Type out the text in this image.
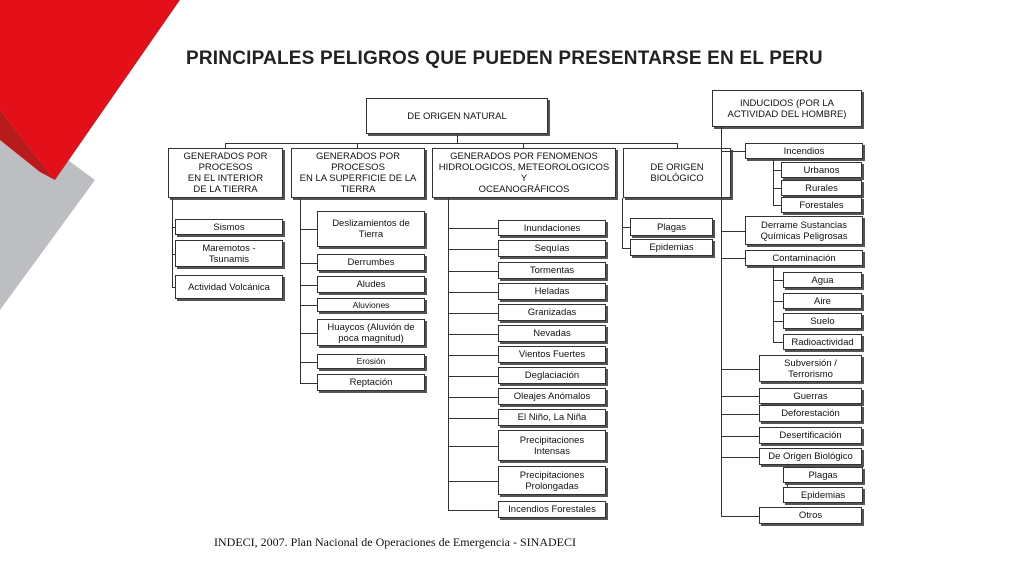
PRINCIPALES PELIGROS QUE PUEDEN PRESENTARSE EN EL PERU
DE ORIGEN NATURAL
GENERADOS POR
PROCESOS
EN EL INTERIOR
DE LA TIERRA
Sismos
Maremotos -
Tsunamis
Actividad Volcánica
GENERADOS POR
PROCESOS
EN LA SUPERFICIE DE LA
TIERRA
Deslizamientos de
Tierra
Derrumbes
Aludes
Aluviones
Huaycos (Aluvión de
poca magnitud)
Erosión
Reptación
GENERADOS POR FENOMENOS
HIDROLOGICOS, METEOROLOGICOS Y
OCEANOGRÁFICOS
Inundaciones
Sequías
Tormentas
Heladas
Granizadas
Nevadas
Vientos Fuertes
Deglaciación
Oleajes Anómalos
El Niño, La Niña
Precipitaciones
Intensas
Precipitaciones
Prolongadas
Incendios Forestales
DE ORIGEN
BIOLÓGICO
Plagas
Epidemias
INDUCIDOS (POR LA
ACTIVIDAD DEL HOMBRE)
Incendios
Urbanos
Rurales
Forestales
Derrame Sustancias
Químicas Peligrosas
Contaminación
Agua
Aire
Suelo
Radioactividad
Subversión /
Terrorismo
Guerras
Deforestación
Desertificación
De Origen Biológico
Plagas
Epidemias
Otros
INDECI, 2007. Plan Nacional de Operaciones de Emergencia - SINADECI
